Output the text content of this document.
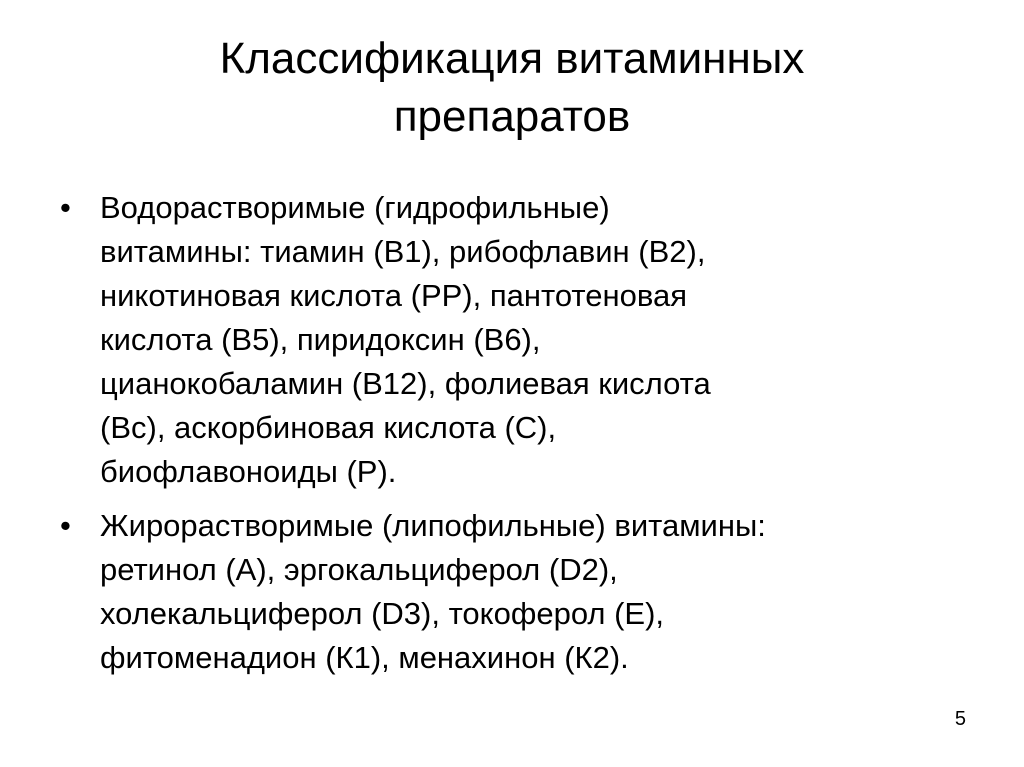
Классификация витаминных
препаратов
• Водорастворимые (гидрофильные)
витамины: тиамин (В1), рибофлавин (В2),
никотиновая кислота (РР), пантотеновая
кислота (В5), пиридоксин (В6),
цианокобаламин (В12), фолиевая кислота
(Вс), аскорбиновая кислота (С),
биофлавоноиды (Р).
• Жирорастворимые (липофильные) витамины:
ретинол (А), эргокальциферол (D2),
холекальциферол (D3), токоферол (Е),
фитоменадион (К1), менахинон (К2).
5
